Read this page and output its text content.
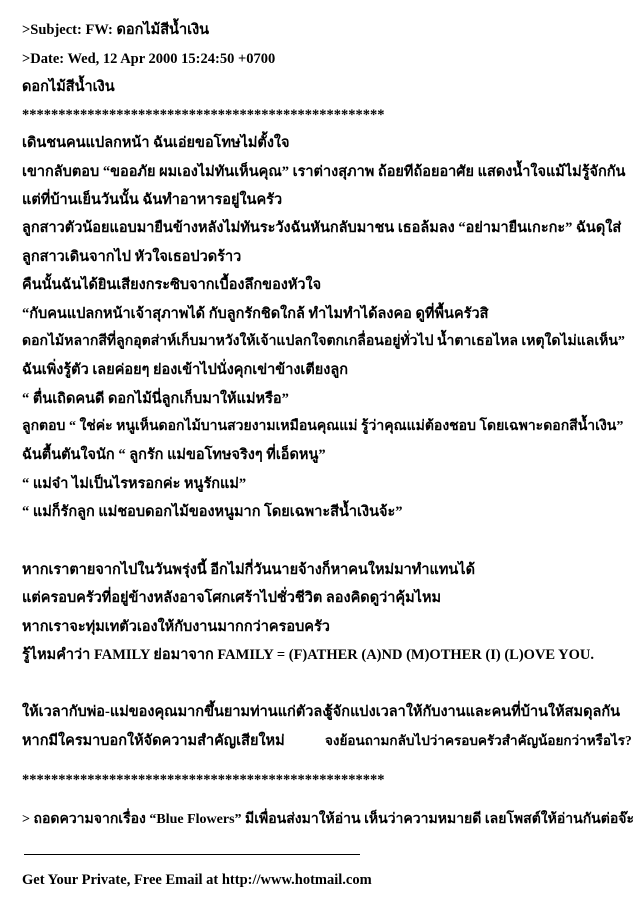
>Subject: FW: ดอกไม้สีน้ำเงิน
>Date: Wed, 12 Apr 2000 15:24:50 +0700
ดอกไม้สีน้ำเงิน
**************************************************
เดินชนคนแปลกหน้า ฉันเอ่ยขอโทษไม่ตั้งใจ
เขากลับตอบ “ขออภัย ผมเองไม่ทันเห็นคุณ” เราต่างสุภาพ ถ้อยทีถ้อยอาศัย แสดงน้ำใจแม้ไม่รู้จักกัน
แต่ที่บ้านเย็นวันนั้น ฉันทำอาหารอยู่ในครัว
ลูกสาวตัวน้อยแอบมายืนข้างหลังไม่ทันระวังฉันหันกลับมาชน เธอล้มลง “อย่ามายืนเกะกะ” ฉันดุใส่
ลูกสาวเดินจากไป หัวใจเธอปวดร้าว
คืนนั้นฉันได้ยินเสียงกระซิบจากเบื้องลึกของหัวใจ
“กับคนแปลกหน้าเจ้าสุภาพได้ กับลูกรักชิดใกล้ ทำไมทำได้ลงคอ ดูที่พื้นครัวสิ
ดอกไม้หลากสีที่ลูกอุตส่าห์เก็บมาหวังให้เจ้าแปลกใจตกเกลื่อนอยู่ทั่วไป น้ำตาเธอไหล เหตุใดไม่แลเห็น”
ฉันเพิ่งรู้ตัว เลยค่อยๆ ย่องเข้าไปนั่งคุกเข่าข้างเตียงลูก
“ ตื่นเถิดคนดี ดอกไม้นี่ลูกเก็บมาให้แม่หรือ”
ลูกตอบ “ ใช่ค่ะ หนูเห็นดอกไม้บานสวยงามเหมือนคุณแม่ รู้ว่าคุณแม่ต้องชอบ โดยเฉพาะดอกสีน้ำเงิน”
ฉันตื้นตันใจนัก “ ลูกรัก แม่ขอโทษจริงๆ ที่เอ็ดหนู”
“ แม่จ๋า ไม่เป็นไรหรอกค่ะ หนูรักแม่”
“ แม่ก็รักลูก แม่ชอบดอกไม้ของหนูมาก โดยเฉพาะสีน้ำเงินจ้ะ”
หากเราตายจากไปในวันพรุ่งนี้ อีกไม่กี่วันนายจ้างก็หาคนใหม่มาทำแทนได้
แต่ครอบครัวที่อยู่ข้างหลังอาจโศกเศร้าไปชั่วชีวิต ลองคิดดูว่าคุ้มไหม
หากเราจะทุ่มเทตัวเองให้กับงานมากกว่าครอบครัว
รู้ไหมคำว่า FAMILY ย่อมาจาก FAMILY = (F)ATHER (A)ND (M)OTHER (I) (L)OVE YOU.
ให้เวลากับพ่อ-แม่ของคุณมากขึ้นยามท่านแก่ตัวลง
หากมีใครมาบอกให้จัดความสำคัญเสียใหม่
รู้จักแบ่งเวลาให้กับงานและคนที่บ้านให้สมดุลกัน
จงย้อนถามกลับไปว่าครอบครัวสำคัญน้อยกว่าหรือไร?
**************************************************
> ถอดความจากเรื่อง “Blue Flowers” มีเพื่อนส่งมาให้อ่าน เห็นว่าความหมายดี เลยโพสต์ให้อ่านกันต่อจ๊ะ
Get Your Private, Free Email at http://www.hotmail.com
